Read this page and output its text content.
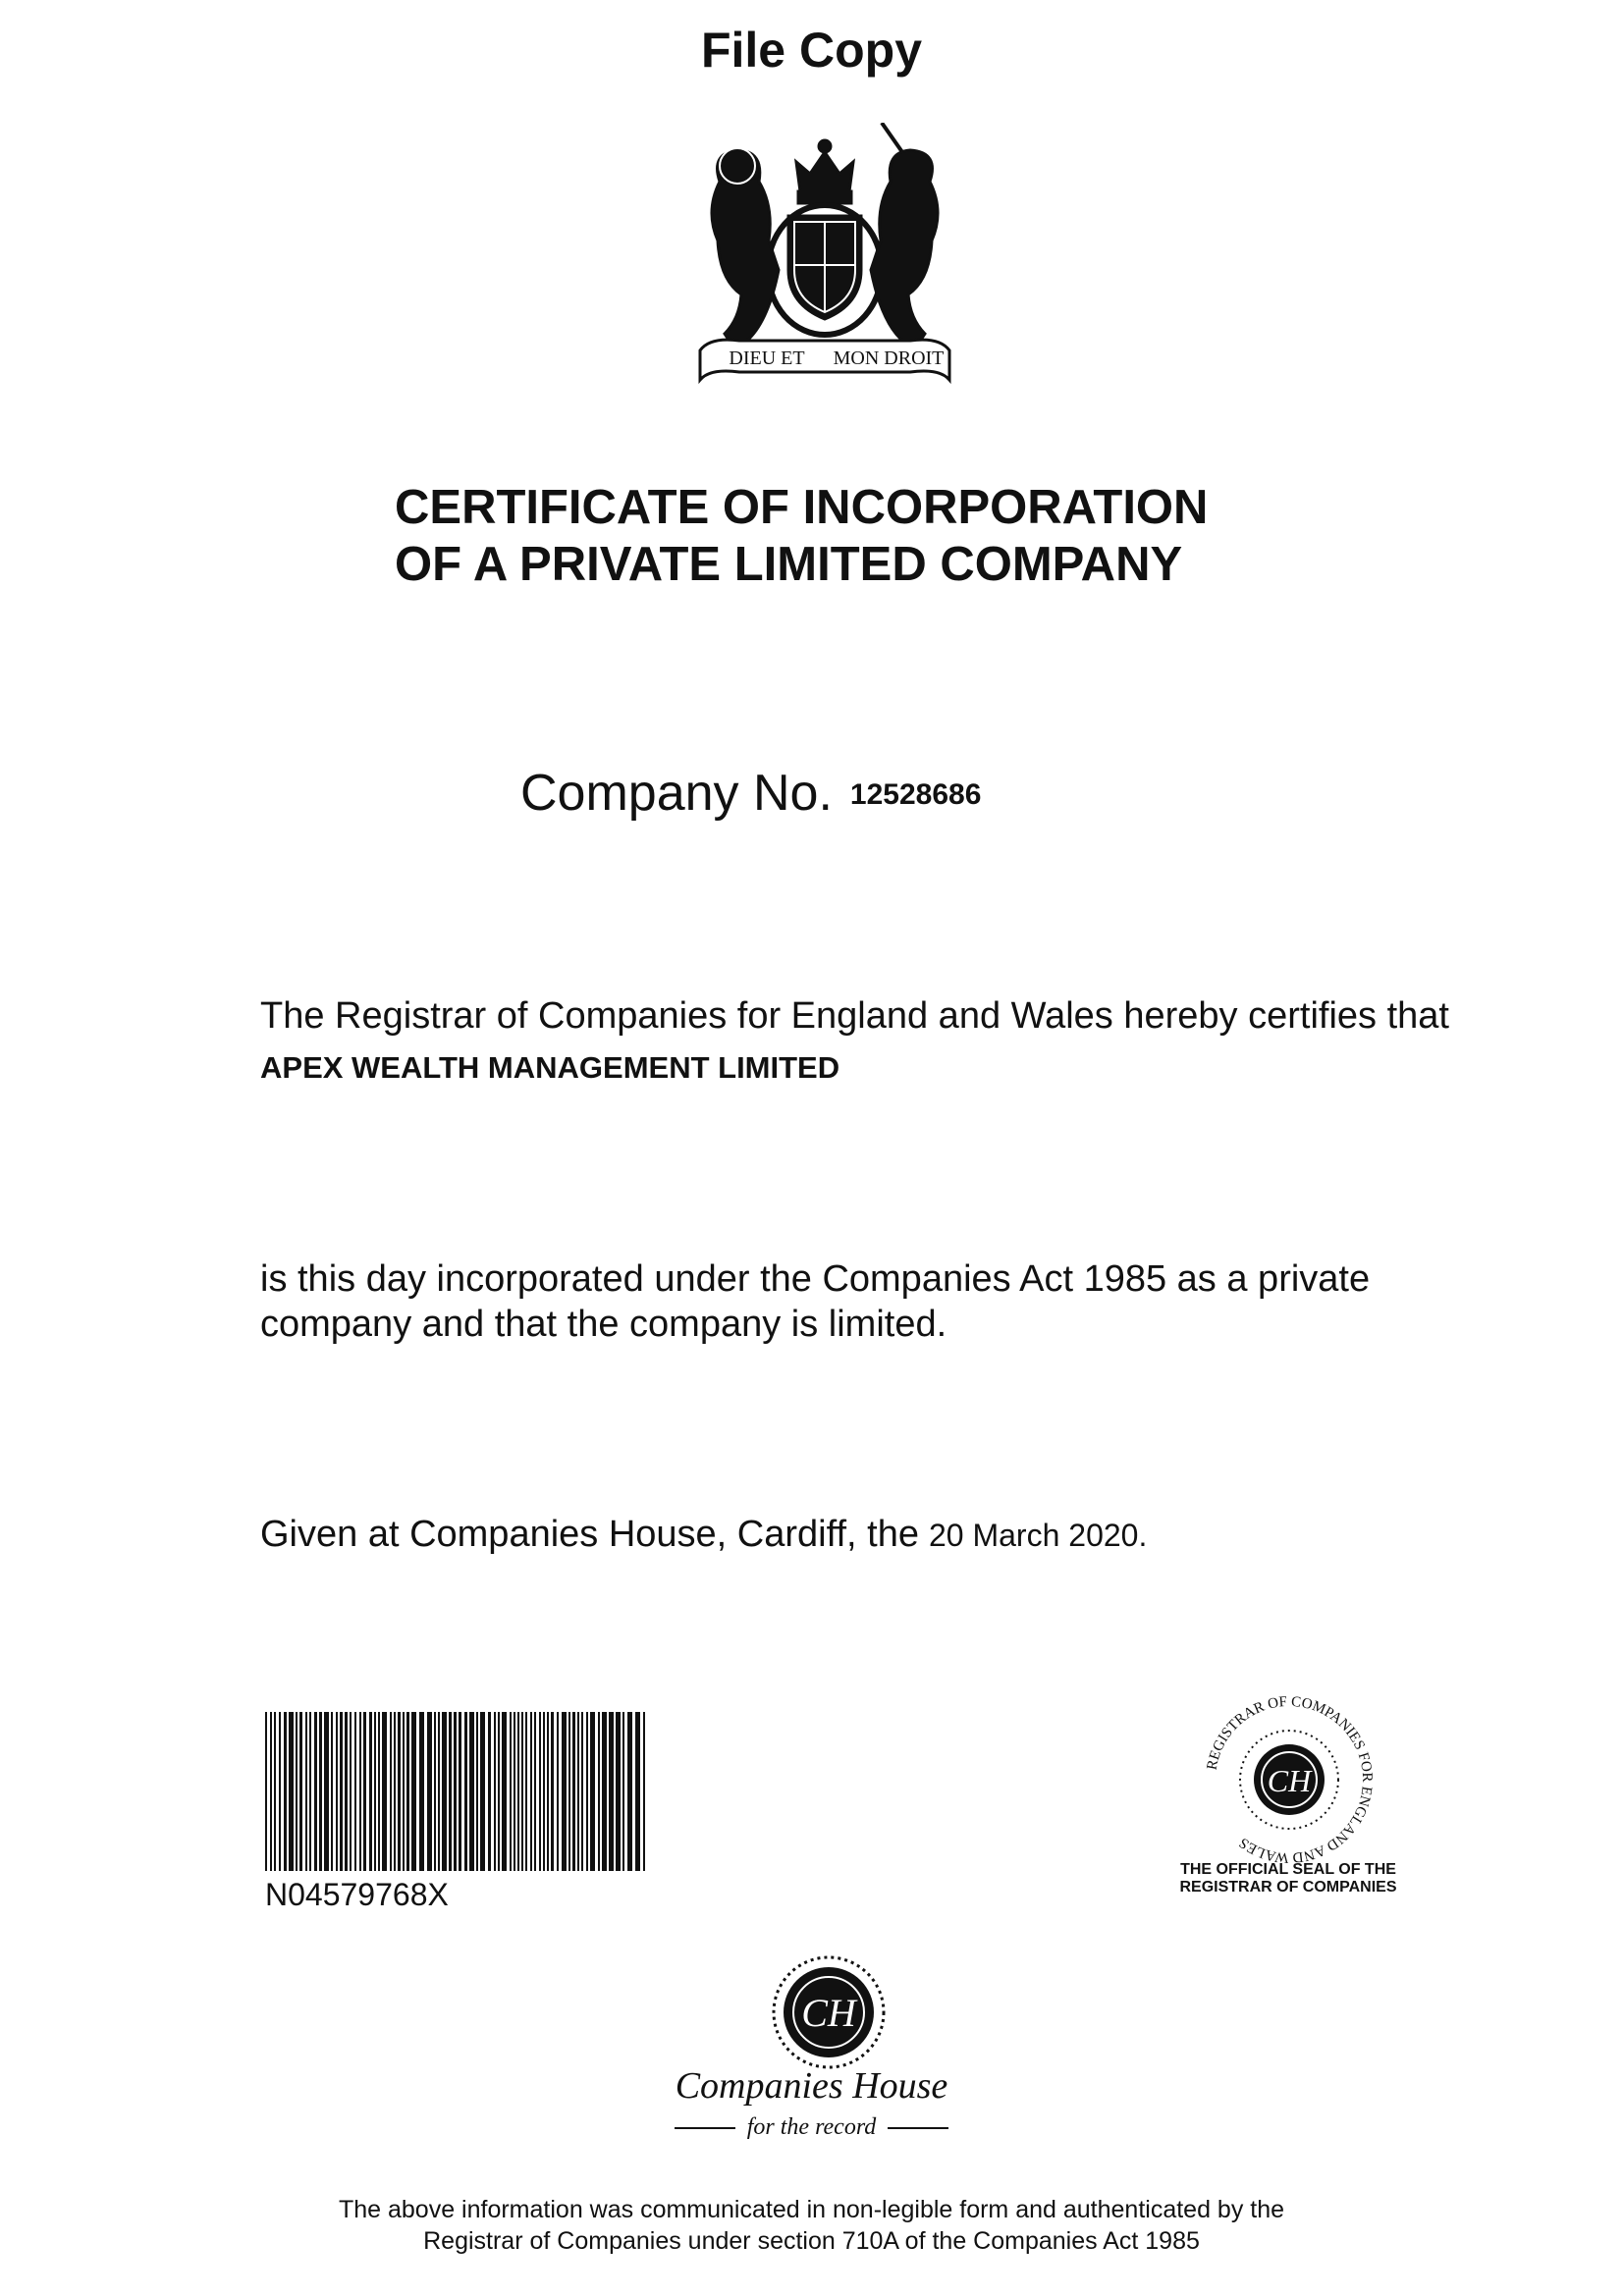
File Copy
DIEU ET MON DROIT
CERTIFICATE OF INCORPORATION
OF A PRIVATE LIMITED COMPANY
Company No. 12528686
The Registrar of Companies for England and Wales hereby certifies that
APEX WEALTH MANAGEMENT LIMITED
is this day incorporated under the Companies Act 1985 as a private
company and that the company is limited.
Given at Companies House, Cardiff, the 20 March 2020.
N04579768X
CH
REGISTRAR OF COMPANIES FOR ENGLAND AND WALES
THE OFFICIAL SEAL OF THE
REGISTRAR OF COMPANIES
CH
Companies House
for the record
The above information was communicated in non-legible form and authenticated by the
Registrar of Companies under section 710A of the Companies Act 1985
